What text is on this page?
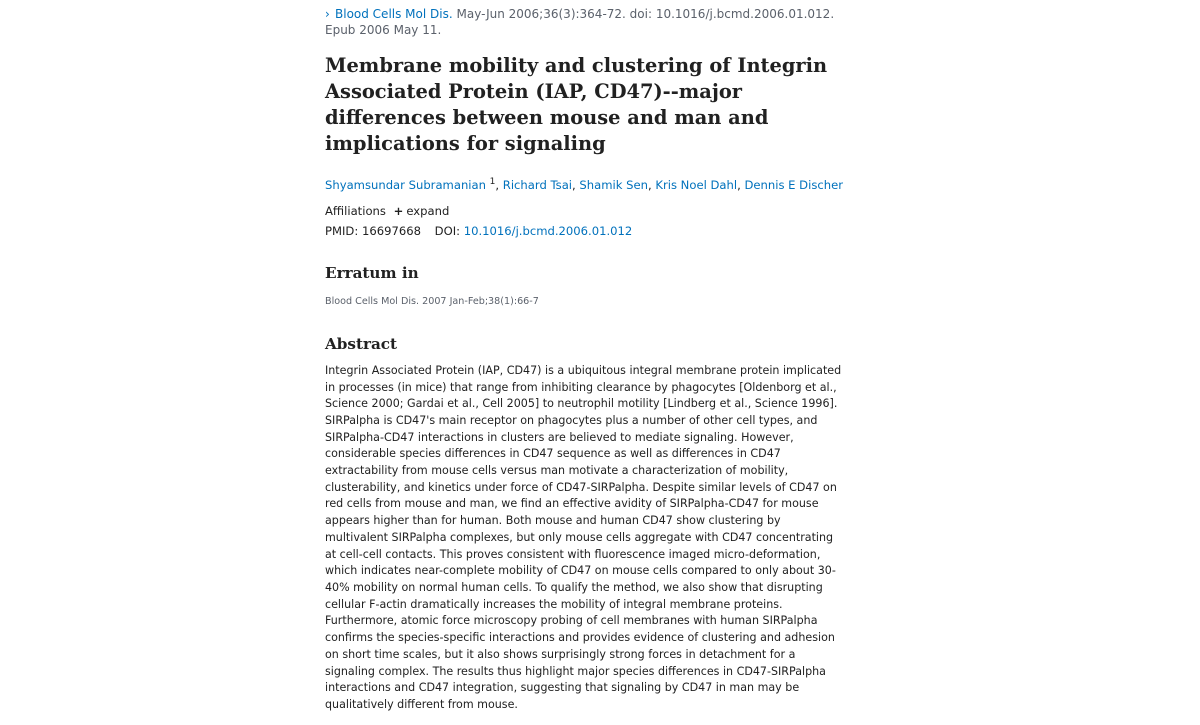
› Blood Cells Mol Dis. May-Jun 2006;36(3):364-72. doi: 10.1016/j.bcmd.2006.01.012.
Epub 2006 May 11.
Membrane mobility and clustering of Integrin Associated Protein (IAP, CD47)--major differences between mouse and man and implications for signaling
Shyamsundar Subramanian $^1$, Richard Tsai, Shamik Sen, Kris Noel Dahl, Dennis E Discher
Affiliations + expand
PMID: 16697668 DOI: 10.1016/j.bcmd.2006.01.012
Erratum in
Blood Cells Mol Dis. 2007 Jan-Feb;38(1):66-7
Abstract

Integrin Associated Protein (IAP, CD47) is a ubiquitous integral membrane protein implicated in processes (in mice) that range from inhibiting clearance by phagocytes [Oldenborg et al., Science 2000; Gardai et al., Cell 2005] to neutrophil motility [Lindberg et al., Science 1996]. SIRPalpha is CD47's main receptor on phagocytes plus a number of other cell types, and SIRPalpha-CD47 interactions in clusters are believed to mediate signaling. However, considerable species differences in CD47 sequence as well as differences in CD47 extractability from mouse cells versus man motivate a characterization of mobility, clusterability, and kinetics under force of CD47-SIRPalpha. Despite similar levels of CD47 on red cells from mouse and man, we find an effective avidity of SIRPalpha-CD47 for mouse appears higher than for human. Both mouse and human CD47 show clustering by multivalent SIRPalpha complexes, but only mouse cells aggregate with CD47 concentrating at cell-cell contacts. This proves consistent with fluorescence imaged micro-deformation, which indicates near-complete mobility of CD47 on mouse cells compared to only about 30-40% mobility on normal human cells. To qualify the method, we also show that disrupting cellular F-actin dramatically increases the mobility of integral membrane proteins. Furthermore, atomic force microscopy probing of cell membranes with human SIRPalpha confirms the species-specific interactions and provides evidence of clustering and adhesion on short time scales, but it also shows surprisingly strong forces in detachment for a signaling complex. The results thus highlight major species differences in CD47-SIRPalpha interactions and CD47 integration, suggesting that signaling by CD47 in man may be qualitatively different from mouse.
